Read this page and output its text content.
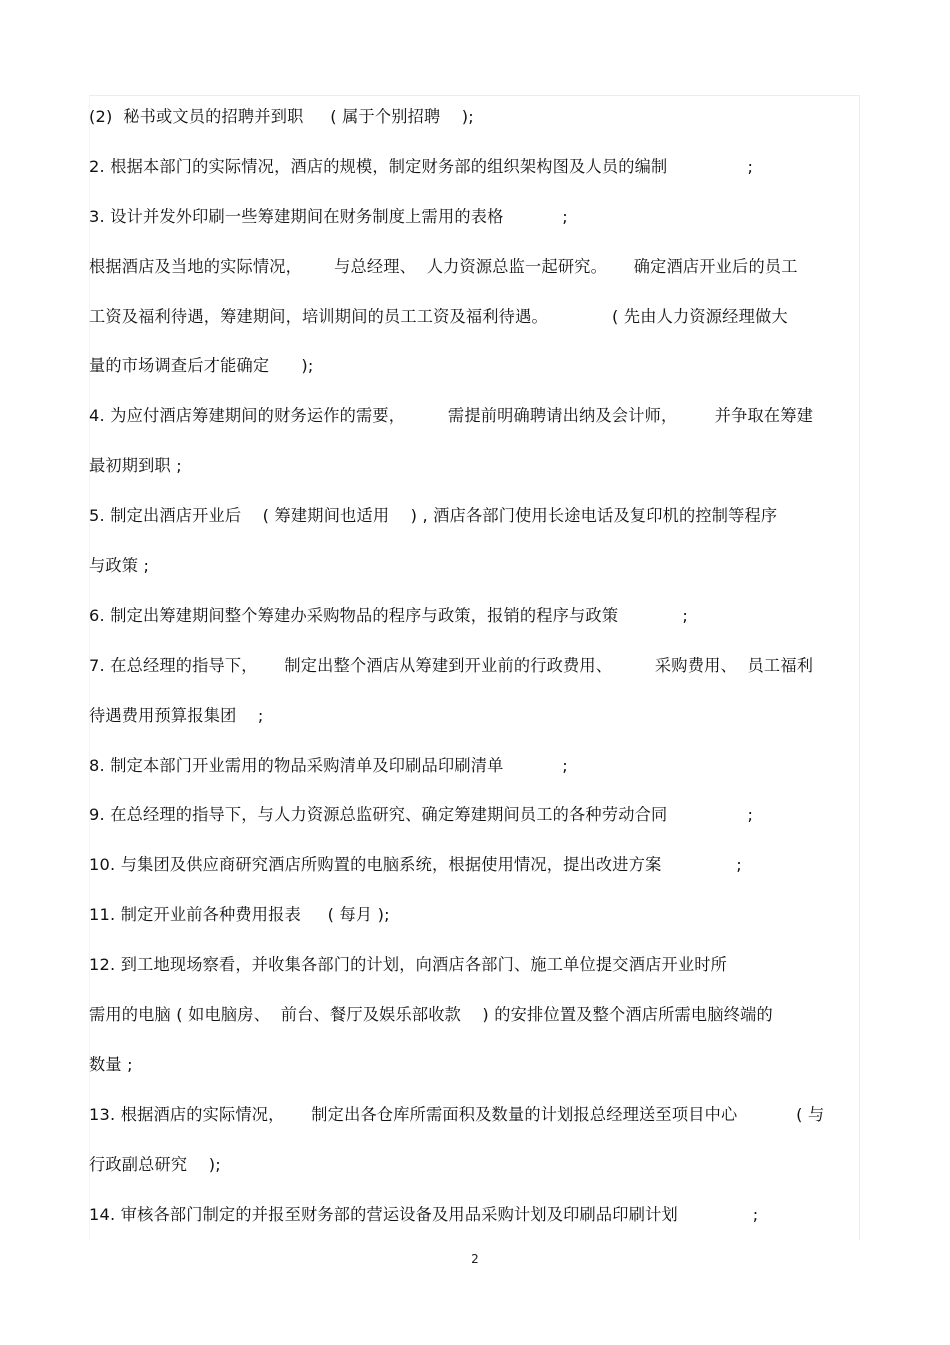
(2)  秘书或文员的招聘并到职     ( 属于个别招聘    );
2. 根据本部门的实际情况，酒店的规模，制定财务部的组织架构图及人员的编制               ;
3. 设计并发外印刷一些筹建期间在财务制度上需用的表格           ;
根据酒店及当地的实际情况，      与总经理、  人力资源总监一起研究。     确定酒店开业后的员工
工资及福利待遇，筹建期间，培训期间的员工工资及福利待遇。            ( 先由人力资源经理做大
量的市场调查后才能确定      );
4. 为应付酒店筹建期间的财务运作的需要，        需提前明确聘请出纳及会计师，       并争取在筹建
最初期到职 ;
5. 制定出酒店开业后    ( 筹建期间也适用    ) , 酒店各部门使用长途电话及复印机的控制等程序
与政策 ;
6. 制定出筹建期间整个筹建办采购物品的程序与政策，报销的程序与政策            ;
7. 在总经理的指导下，     制定出整个酒店从筹建到开业前的行政费用、        采购费用、  员工福利
待遇费用预算报集团    ;
8. 制定本部门开业需用的物品采购清单及印刷品印刷清单           ;
9. 在总经理的指导下，与人力资源总监研究、确定筹建期间员工的各种劳动合同               ;
10. 与集团及供应商研究酒店所购置的电脑系统，根据使用情况，提出改进方案              ;
11. 制定开业前各种费用报表     ( 每月 );
12. 到工地现场察看，并收集各部门的计划，向酒店各部门、施工单位提交酒店开业时所
需用的电脑 ( 如电脑房、  前台、餐厅及娱乐部收款    ) 的安排位置及整个酒店所需电脑终端的
数量 ;
13. 根据酒店的实际情况，     制定出各仓库所需面积及数量的计划报总经理送至项目中心           ( 与
行政副总研究    );
14. 审核各部门制定的并报至财务部的营运设备及用品采购计划及印刷品印刷计划              ;
2
